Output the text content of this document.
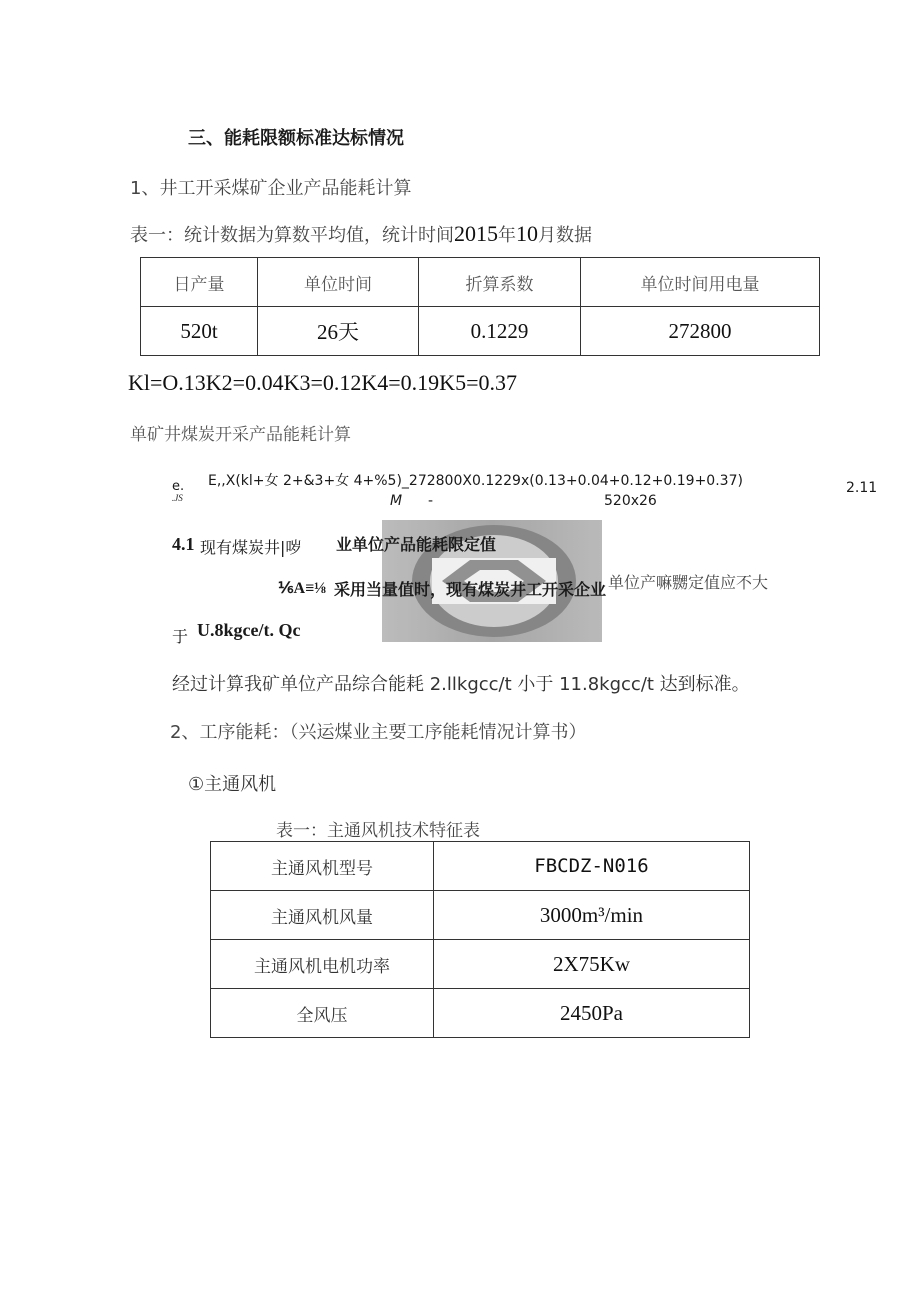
三、能耗限额标准达标情况
1、井工开采煤矿企业产品能耗计算
表一：统计数据为算数平均值，统计时间2015年10月数据
日产量	单位时间	折算系数	单位时间用电量
520t	26天	0.1229	272800
Kl=O.13K2=0.04K3=0.12K4=0.19K5=0.37
单矿井煤炭开采产品能耗计算
e.
.JS
E,,X(kl+女 2+&3+女 4+%5)_272800X0.1229x(0.13+0.04+0.12+0.19+0.37)
M -	520x26
2.11
4.1 现有煤炭井|哕 业单位产品能耗限定值
⅙A≡⅛ 采用当量值时，现有煤炭井工开采企业 单位产嘛嬲定值应不大
于 U.8kgce/t. Qc
经过计算我矿单位产品综合能耗 2.llkgcc/t 小于 11.8kgcc/t 达到标准。
2、工序能耗：（兴运煤业主要工序能耗情况计算书）
①主通风机
表一：主通风机技术特征表
主通风机型号	FBCDZ-N016
主通风机风量	3000m³/min
主通风机电机功率	2X75Kw
全风压	2450Pa
